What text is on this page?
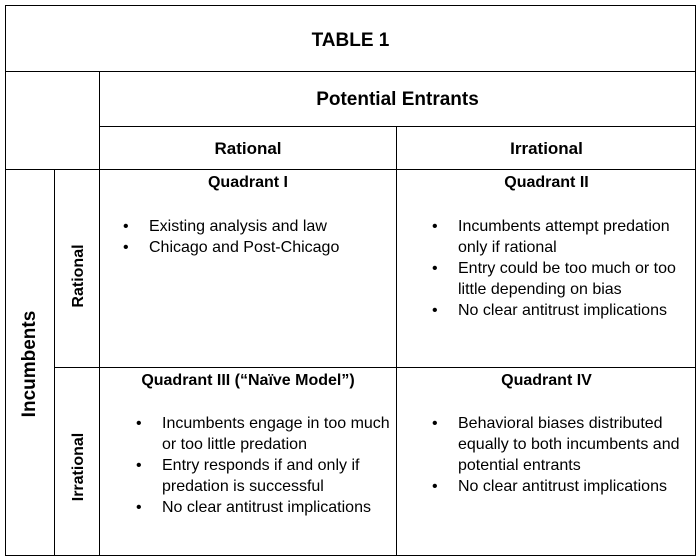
TABLE 1
Potential Entrants
Rational	Irrational
Incumbents
Rational
Irrational
Quadrant I
• Existing analysis and law
• Chicago and Post-Chicago
Quadrant II
• Incumbents attempt predation only if rational
• Entry could be too much or too little depending on bias
• No clear antitrust implications
Quadrant III (“Naïve Model”)
• Incumbents engage in too much or too little predation
• Entry responds if and only if predation is successful
• No clear antitrust implications
Quadrant IV
• Behavioral biases distributed equally to both incumbents and potential entrants
• No clear antitrust implications
